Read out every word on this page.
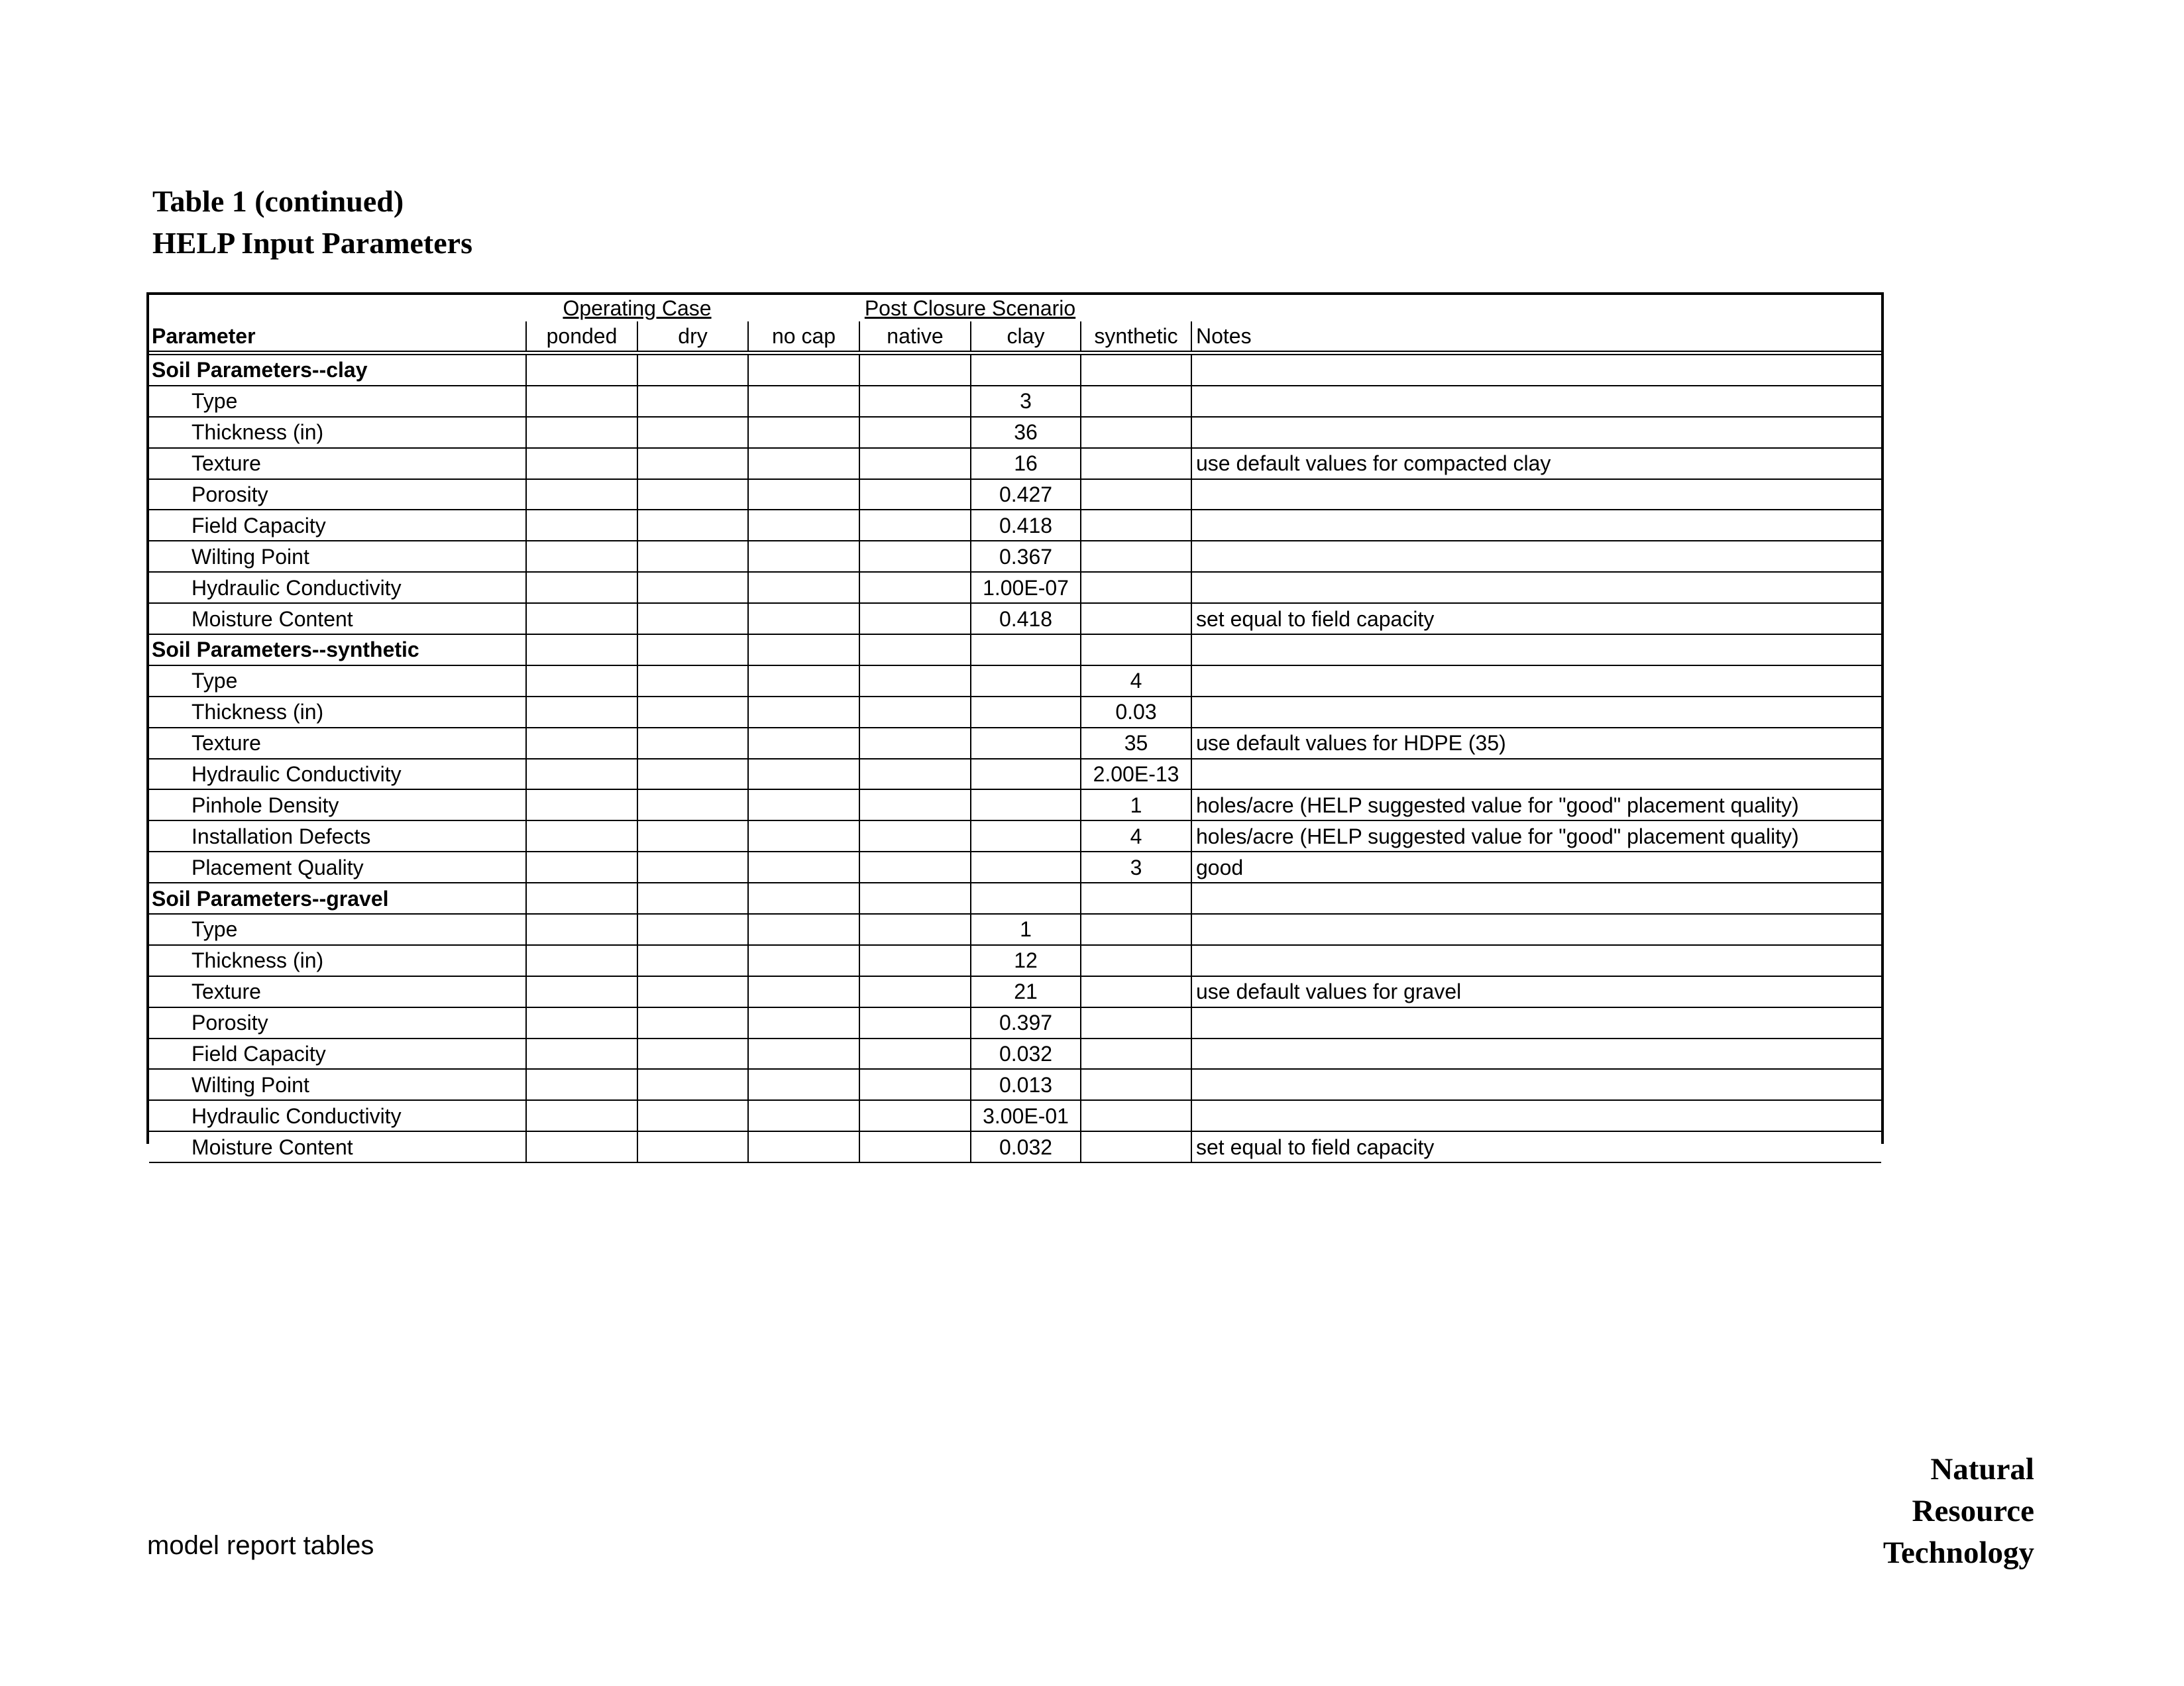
Table 1 (continued)
HELP Input Parameters
	Operating Case			Post Closure Scenario			
Parameter	ponded	dry	no cap	native	clay	synthetic	Notes
Soil Parameters--clay							
Type					3		
Thickness (in)					36		
Texture					16		use default values for compacted clay
Porosity					0.427		
Field Capacity					0.418		
Wilting Point					0.367		
Hydraulic Conductivity					1.00E-07		
Moisture Content					0.418		set equal to field capacity
Soil Parameters--synthetic							
Type						4	
Thickness (in)						0.03	
Texture						35	use default values for HDPE (35)
Hydraulic Conductivity						2.00E-13	
Pinhole Density						1	holes/acre (HELP suggested value for "good" placement quality)
Installation Defects						4	holes/acre (HELP suggested value for "good" placement quality)
Placement Quality						3	good
Soil Parameters--gravel							
Type					1		
Thickness (in)					12		
Texture					21		use default values for gravel
Porosity					0.397		
Field Capacity					0.032		
Wilting Point					0.013		
Hydraulic Conductivity					3.00E-01		
Moisture Content					0.032		set equal to field capacity
model report tables
Natural
Resource
Technology
